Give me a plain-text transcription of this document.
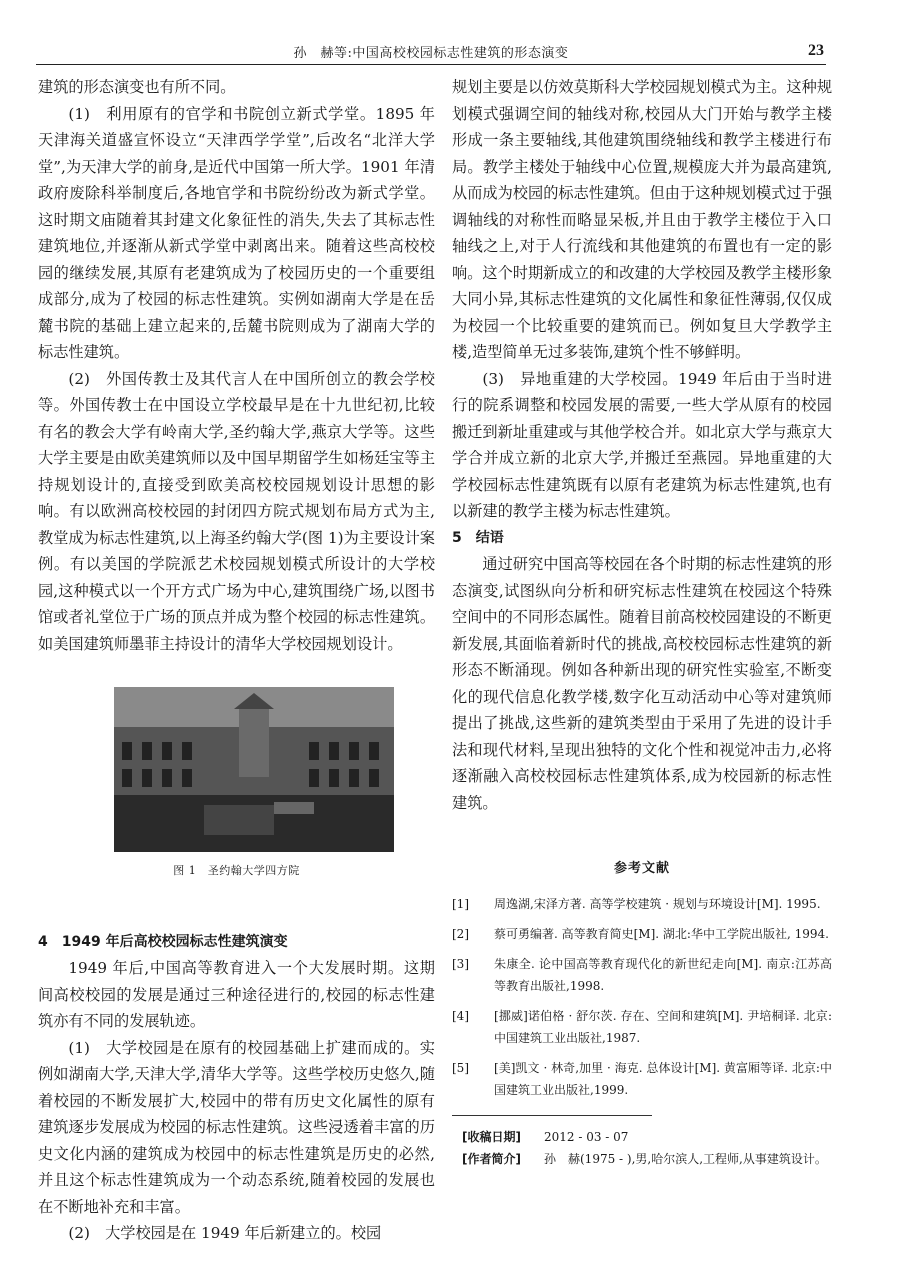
孙　赫等:中国高校校园标志性建筑的形态演变	23

建筑的形态演变也有所不同。

(1)　利用原有的官学和书院创立新式学堂。1895 年天津海关道盛宣怀设立“天津西学学堂”,后改名“北洋大学堂”,为天津大学的前身,是近代中国第一所大学。1901 年清政府废除科举制度后,各地官学和书院纷纷改为新式学堂。这时期文庙随着其封建文化象征性的消失,失去了其标志性建筑地位,并逐渐从新式学堂中剥离出来。随着这些高校校园的继续发展,其原有老建筑成为了校园历史的一个重要组成部分,成为了校园的标志性建筑。实例如湖南大学是在岳麓书院的基础上建立起来的,岳麓书院则成为了湖南大学的标志性建筑。

(2)　外国传教士及其代言人在中国所创立的教会学校等。外国传教士在中国设立学校最早是在十九世纪初,比较有名的教会大学有岭南大学,圣约翰大学,燕京大学等。这些大学主要是由欧美建筑师以及中国早期留学生如杨廷宝等主持规划设计的,直接受到欧美高校校园规划设计思想的影响。有以欧洲高校校园的封闭四方院式规划布局方式为主,教堂成为标志性建筑,以上海圣约翰大学(图 1)为主要设计案例。有以美国的学院派艺术校园规划模式所设计的大学校园,这种模式以一个开方式广场为中心,建筑围绕广场,以图书馆或者礼堂位于广场的顶点并成为整个校园的标志性建筑。如美国建筑师墨菲主持设计的清华大学校园规划设计。

图 1　圣约翰大学四方院

4　1949 年后高校校园标志性建筑演变

1949 年后,中国高等教育进入一个大发展时期。这期间高校校园的发展是通过三种途径进行的,校园的标志性建筑亦有不同的发展轨迹。

(1)　大学校园是在原有的校园基础上扩建而成的。实例如湖南大学,天津大学,清华大学等。这些学校历史悠久,随着校园的不断发展扩大,校园中的带有历史文化属性的原有建筑逐步发展成为校园的标志性建筑。这些浸透着丰富的历史文化内涵的建筑成为校园中的标志性建筑是历史的必然,并且这个标志性建筑成为一个动态系统,随着校园的发展也在不断地补充和丰富。

(2)　大学校园是在 1949 年后新建立的。校园

规划主要是以仿效莫斯科大学校园规划模式为主。这种规划模式强调空间的轴线对称,校园从大门开始与教学主楼形成一条主要轴线,其他建筑围绕轴线和教学主楼进行布局。教学主楼处于轴线中心位置,规模庞大并为最高建筑,从而成为校园的标志性建筑。但由于这种规划模式过于强调轴线的对称性而略显呆板,并且由于教学主楼位于入口轴线之上,对于人行流线和其他建筑的布置也有一定的影响。这个时期新成立的和改建的大学校园及教学主楼形象大同小异,其标志性建筑的文化属性和象征性薄弱,仅仅成为校园一个比较重要的建筑而已。例如复旦大学教学主楼,造型简单无过多装饰,建筑个性不够鲜明。

(3)　异地重建的大学校园。1949 年后由于当时进行的院系调整和校园发展的需要,一些大学从原有的校园搬迁到新址重建或与其他学校合并。如北京大学与燕京大学合并成立新的北京大学,并搬迁至燕园。异地重建的大学校园标志性建筑既有以原有老建筑为标志性建筑,也有以新建的教学主楼为标志性建筑。

5　结语

通过研究中国高等校园在各个时期的标志性建筑的形态演变,试图纵向分析和研究标志性建筑在校园这个特殊空间中的不同形态属性。随着目前高校校园建设的不断更新发展,其面临着新时代的挑战,高校校园标志性建筑的新形态不断涌现。例如各种新出现的研究性实验室,不断变化的现代信息化教学楼,数字化互动活动中心等对建筑师提出了挑战,这些新的建筑类型由于采用了先进的设计手法和现代材料,呈现出独特的文化个性和视觉冲击力,必将逐渐融入高校校园标志性建筑体系,成为校园新的标志性建筑。

参考文献
[1] 周逸湖,宋泽方著. 高等学校建筑 · 规划与环境设计[M]. 1995.
[2] 蔡可勇编著. 高等教育简史[M]. 湖北:华中工学院出版社, 1994.
[3] 朱康全. 论中国高等教育现代化的新世纪走向[M]. 南京:江苏高等教育出版社,1998.
[4] [挪威]诺伯格 · 舒尔茨. 存在、空间和建筑[M]. 尹培桐译. 北京:中国建筑工业出版社,1987.
[5] [美]凯文 · 林奇,加里 · 海克. 总体设计[M]. 黄富厢等译. 北京:中国建筑工业出版社,1999.
[收稿日期] 2012 - 03 - 07
[作者简介] 孙　赫(1975 - ),男,哈尔滨人,工程师,从事建筑设计。
